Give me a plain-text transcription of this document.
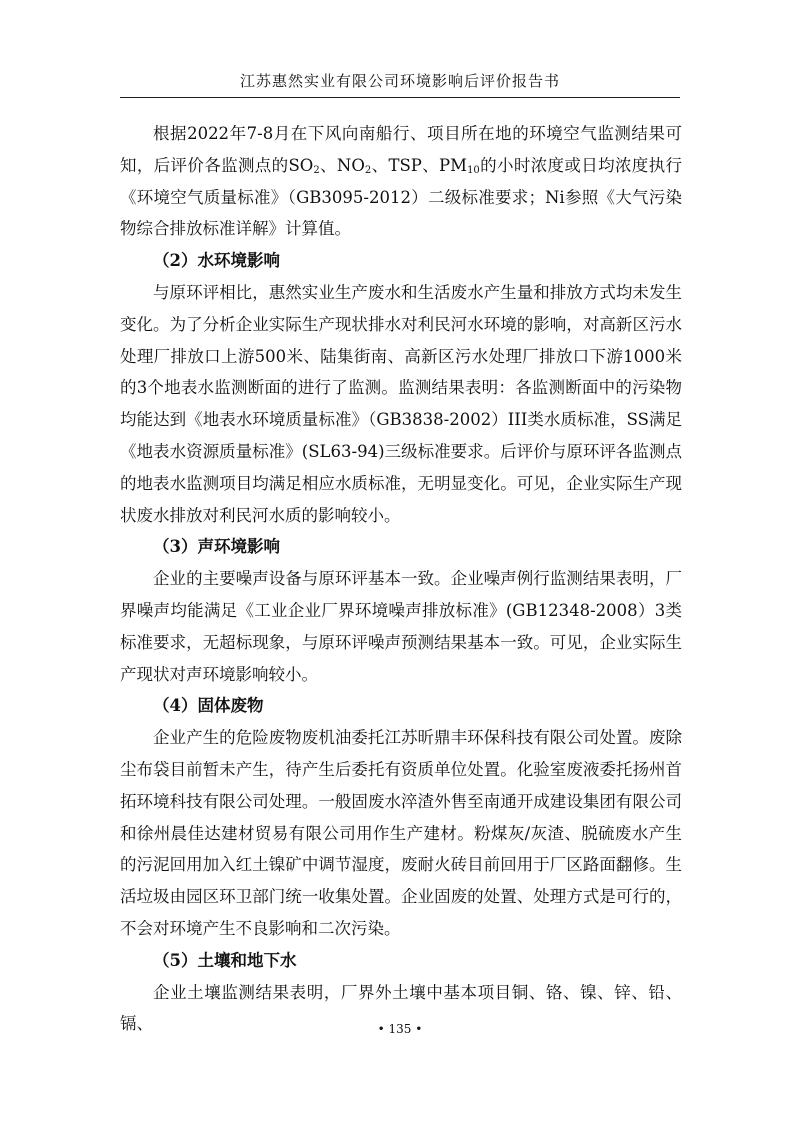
江苏惠然实业有限公司环境影响后评价报告书

根据2022年7-8月在下风向南船行、项目所在地的环境空气监测结果可知，后评价各监测点的$SO_2$、$NO_2$、TSP、$PM_{10}$的小时浓度或日均浓度执行《环境空气质量标准》（GB3095-2012）二级标准要求；Ni参照《大气污染物综合排放标准详解》计算值。

（2）水环境影响

与原环评相比，惠然实业生产废水和生活废水产生量和排放方式均未发生变化。为了分析企业实际生产现状排水对利民河水环境的影响，对高新区污水处理厂排放口上游500米、陆集街南、高新区污水处理厂排放口下游1000米的3个地表水监测断面的进行了监测。监测结果表明：各监测断面中的污染物均能达到《地表水环境质量标准》（GB3838-2002）III类水质标准，SS满足《地表水资源质量标准》(SL63-94)三级标准要求。后评价与原环评各监测点的地表水监测项目均满足相应水质标准，无明显变化。可见，企业实际生产现状废水排放对利民河水质的影响较小。

（3）声环境影响

企业的主要噪声设备与原环评基本一致。企业噪声例行监测结果表明，厂界噪声均能满足《工业企业厂界环境噪声排放标准》(GB12348-2008）3类标准要求，无超标现象，与原环评噪声预测结果基本一致。可见，企业实际生产现状对声环境影响较小。

（4）固体废物

企业产生的危险废物废机油委托江苏昕鼎丰环保科技有限公司处置。废除尘布袋目前暂未产生，待产生后委托有资质单位处置。化验室废液委托扬州首拓环境科技有限公司处理。一般固废水淬渣外售至南通开成建设集团有限公司和徐州晨佳达建材贸易有限公司用作生产建材。粉煤灰/灰渣、脱硫废水产生的污泥回用加入红土镍矿中调节湿度，废耐火砖目前回用于厂区路面翻修。生活垃圾由园区环卫部门统一收集处置。企业固废的处置、处理方式是可行的，不会对环境产生不良影响和二次污染。

（5）土壤和地下水

企业土壤监测结果表明，厂界外土壤中基本项目铜、铬、镍、锌、铅、镉、	• 135 •
